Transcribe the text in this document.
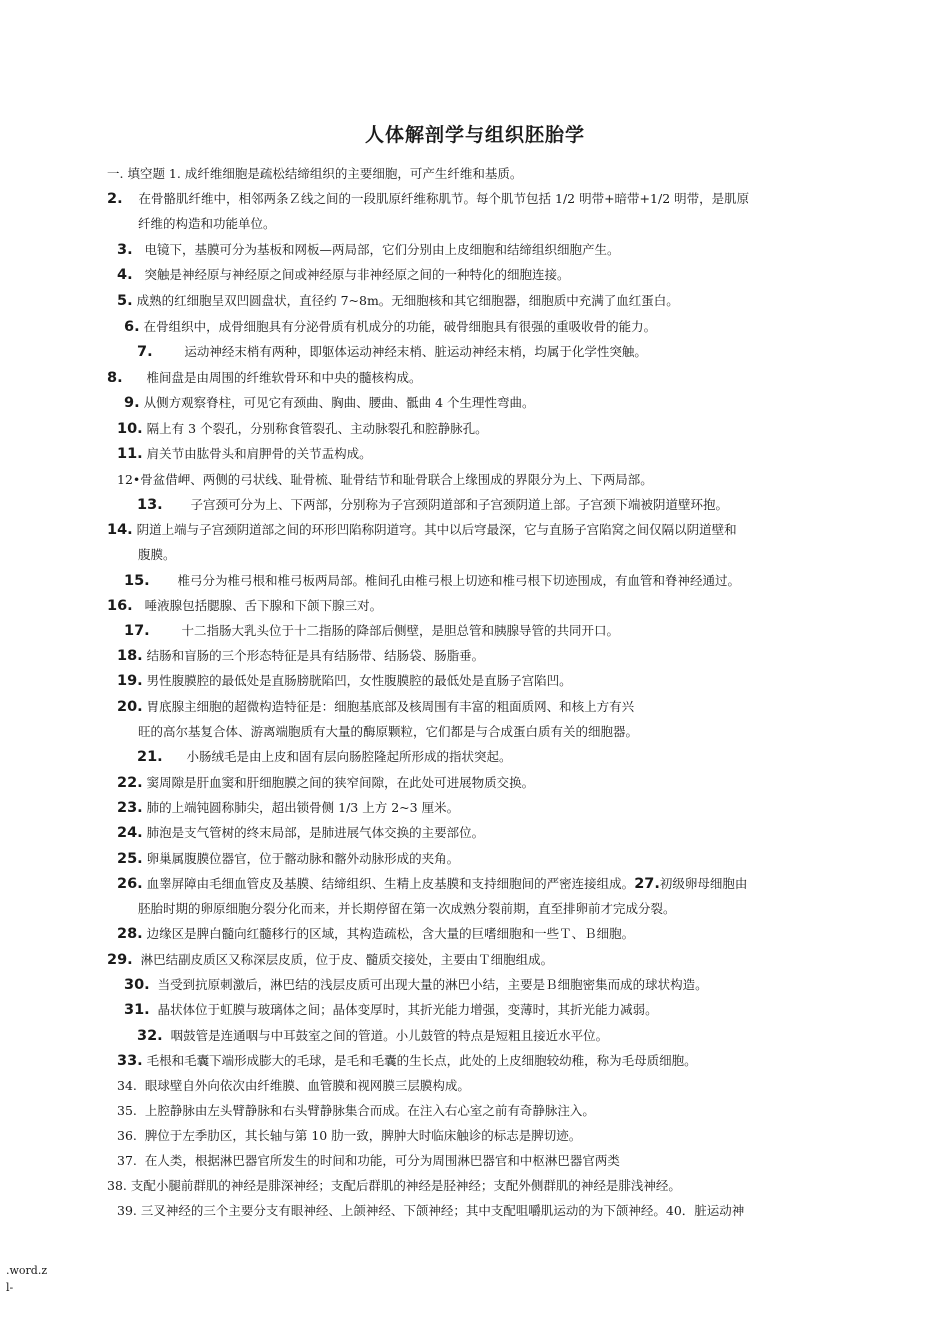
人体解剖学与组织胚胎学
一. 填空题 1. 成纤维细胞是疏松结缔组织的主要细胞，可产生纤维和基质。
2. 在骨骼肌纤维中，相邻两条Ｚ线之间的一段肌原纤维称肌节。每个肌节包括 1/2 明带+暗带+1/2 明带，是肌原
纤维的构造和功能单位。
3. 电镜下，基膜可分为基板和网板—两局部，它们分别由上皮细胞和结缔组织细胞产生。
4. 突触是神经原与神经原之间或神经原与非神经原之间的一种特化的细胞连接。
5. 成熟的红细胞呈双凹圆盘状，直径约 7~8m。无细胞核和其它细胞器，细胞质中充满了血红蛋白。
6. 在骨组织中，成骨细胞具有分泌骨质有机成分的功能，破骨细胞具有很强的重吸收骨的能力。
7.	运动神经末梢有两种，即躯体运动神经末梢、脏运动神经末梢，均属于化学性突触。
8. 椎间盘是由周围的纤维软骨环和中央的髓核构成。
9. 从侧方观察脊柱，可见它有颈曲、胸曲、腰曲、骶曲 4 个生理性弯曲。
10. 隔上有 3 个裂孔，分别称食管裂孔、主动脉裂孔和腔静脉孔。
11. 肩关节由肱骨头和肩胛骨的关节盂构成。
12•骨盆借岬、两侧的弓状线、耻骨梳、耻骨结节和耻骨联合上缘围成的界限分为上、下两局部。
13. 子宫颈可分为上、下两部，分别称为子宫颈阴道部和子宫颈阴道上部。子宫颈下端被阴道壁环抱。
14. 阴道上端与子宫颈阴道部之间的环形凹陷称阴道穹。其中以后穹最深，它与直肠子宫陷窝之间仅隔以阴道壁和
腹膜。
15. 椎弓分为椎弓根和椎弓板两局部。椎间孔由椎弓根上切迹和椎弓根下切迹围成，有血管和脊神经通过。
16. 唾液腺包括腮腺、舌下腺和下颌下腺三对。
17.	十二指肠大乳头位于十二指肠的降部后侧壁，是胆总管和胰腺导管的共同开口。
18. 结肠和盲肠的三个形态特征是具有结肠带、结肠袋、肠脂垂。
19. 男性腹膜腔的最低处是直肠膀胱陷凹，女性腹膜腔的最低处是直肠子宫陷凹。
20. 胃底腺主细胞的超微构造特征是：细胞基底部及核周围有丰富的粗面质网、和核上方有兴
旺的高尔基复合体、游离端胞质有大量的酶原颗粒，它们都是与合成蛋白质有关的细胞器。
21. 小肠绒毛是由上皮和固有层向肠腔隆起所形成的指状突起。
22. 窦周隙是肝血窦和肝细胞膜之间的狭窄间隙，在此处可进展物质交换。
23. 肺的上端钝圆称肺尖，超出锁骨侧 1/3 上方 2~3 厘米。
24. 肺泡是支气管树的终末局部，是肺进展气体交换的主要部位。
25. 卵巢属腹膜位器官，位于髂动脉和髂外动脉形成的夹角。
26. 血睾屏障由毛细血管皮及基膜、结缔组织、生精上皮基膜和支持细胞间的严密连接组成。27.初级卵母细胞由
胚胎时期的卵原细胞分裂分化而来，并长期停留在第一次成熟分裂前期，直至排卵前才完成分裂。
28. 边缘区是脾白髓向红髓移行的区域，其构造疏松，含大量的巨嗜细胞和一些Ｔ、Ｂ细胞。
29. 淋巴结副皮质区又称深层皮质，位于皮、髓质交接处，主要由Ｔ细胞组成。
30. 当受到抗原刺激后，淋巴结的浅层皮质可出现大量的淋巴小结，主要是Ｂ细胞密集而成的球状构造。
31. 晶状体位于虹膜与玻璃体之间；晶体变厚时，其折光能力增强，变薄时，其折光能力减弱。
32. 咽鼓管是连通咽与中耳鼓室之间的管道。小儿鼓管的特点是短粗且接近水平位。
33. 毛根和毛囊下端形成膨大的毛球，是毛和毛囊的生长点，此处的上皮细胞较幼稚，称为毛母质细胞。
34. 眼球壁自外向依次由纤维膜、血管膜和视网膜三层膜构成。
35. 上腔静脉由左头臂静脉和右头臂静脉集合而成。在注入右心室之前有奇静脉注入。
36. 脾位于左季肋区，其长轴与第 10 肋一致，脾肿大时临床触诊的标志是脾切迹。
37. 在人类，根据淋巴器官所发生的时间和功能，可分为周围淋巴器官和中枢淋巴器官两类
38. 支配小腿前群肌的神经是腓深神经；支配后群肌的神经是胫神经；支配外侧群肌的神经是腓浅神经。
39. 三叉神经的三个主要分支有眼神经、上颌神经、下颌神经；其中支配咀嚼肌运动的为下颌神经。40．脏运动神
.word.z
l-
